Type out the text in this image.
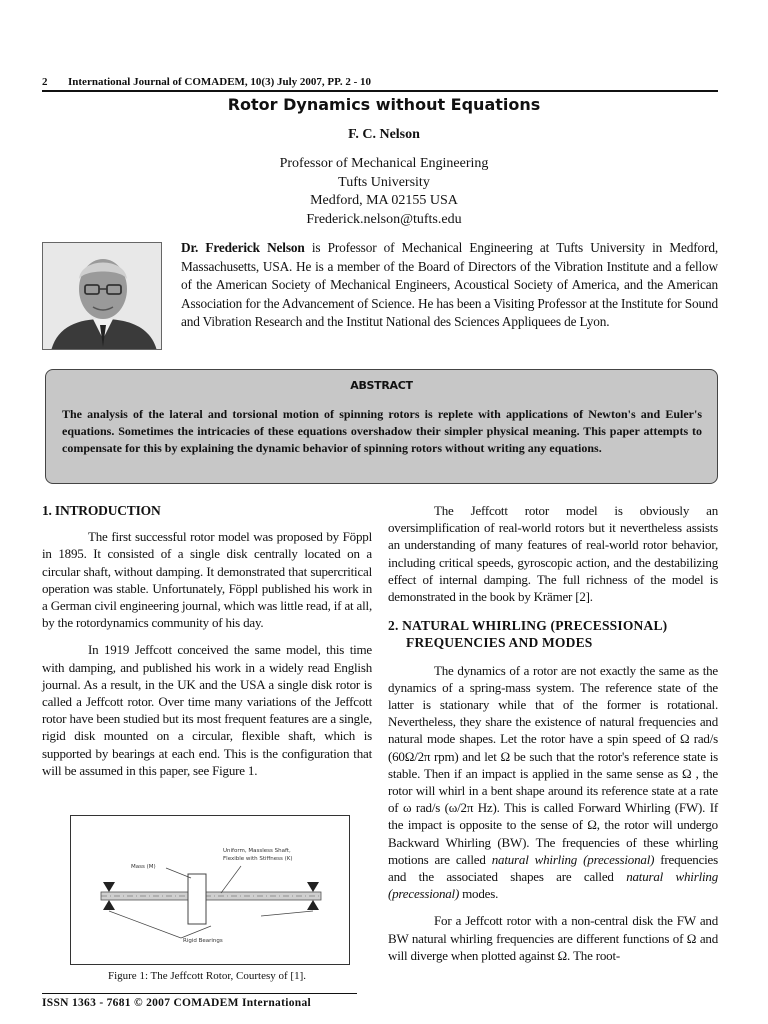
2 International Journal of COMADEM, 10(3) July 2007, PP. 2 - 10
Rotor Dynamics without Equations
F. C. Nelson
Professor of Mechanical Engineering
Tufts University
Medford, MA 02155 USA
Frederick.nelson@tufts.edu
Dr. Frederick Nelson is Professor of Mechanical Engineering at Tufts University in Medford, Massachusetts, USA. He is a member of the Board of Directors of the Vibration Institute and a fellow of the American Society of Mechanical Engineers, Acoustical Society of America, and the American Association for the Advancement of Science. He has been a Visiting Professor at the Institute for Sound and Vibration Research and the Institut National des Sciences Appliquees de Lyon.
ABSTRACT
The analysis of the lateral and torsional motion of spinning rotors is replete with applications of Newton's and Euler's equations. Sometimes the intricacies of these equations overshadow their simpler physical meaning. This paper attempts to compensate for this by explaining the dynamic behavior of spinning rotors without writing any equations.
1. INTRODUCTION

The first successful rotor model was proposed by Föppl in 1895. It consisted of a single disk centrally located on a circular shaft, without damping. It demonstrated that supercritical operation was stable. Unfortunately, Föppl published his work in a German civil engineering journal, which was little read, if at all, by the rotordynamics community of his day.

In 1919 Jeffcott conceived the same model, this time with damping, and published his work in a widely read English journal. As a result, in the UK and the USA a single disk rotor is called a Jeffcott rotor. Over time many variations of the Jeffcott rotor have been studied but its most frequent features are a single, rigid disk mounted on a circular, flexible shaft, which is supported by bearings at each end. This is the configuration that will be assumed in this paper, see Figure 1.

Mass (M)
Uniform, Massless Shaft,
Flexible with Stiffness (K)
Rigid Bearings
Figure 1: The Jeffcott Rotor, Courtesy of [1].

The Jeffcott rotor model is obviously an oversimplification of real-world rotors but it nevertheless assists an understanding of many features of real-world rotor behavior, including critical speeds, gyroscopic action, and the destabilizing effect of internal damping. The full richness of the model is demonstrated in the book by Krämer [2].

2. NATURAL WHIRLING (PRECESSIONAL)
FREQUENCIES AND MODES

The dynamics of a rotor are not exactly the same as the dynamics of a spring-mass system. The reference state of the latter is stationary while that of the former is rotational. Nevertheless, they share the existence of natural frequencies and natural mode shapes. Let the rotor have a spin speed of Ω rad/s (60Ω/2π rpm) and let Ω be such that the rotor's reference state is stable. Then if an impact is applied in the same sense as Ω , the rotor will whirl in a bent shape around its reference state at a rate of ω rad/s (ω/2π Hz). This is called Forward Whirling (FW). If the impact is opposite to the sense of Ω, the rotor will undergo Backward Whirling (BW). The frequencies of these whirling motions are called natural whirling (precessional) frequencies and the associated shapes are called natural whirling (precessional) modes.

For a Jeffcott rotor with a non-central disk the FW and BW natural whirling frequencies are different functions of Ω and will diverge when plotted against Ω. The root-

ISSN 1363 - 7681 © 2007 COMADEM International
